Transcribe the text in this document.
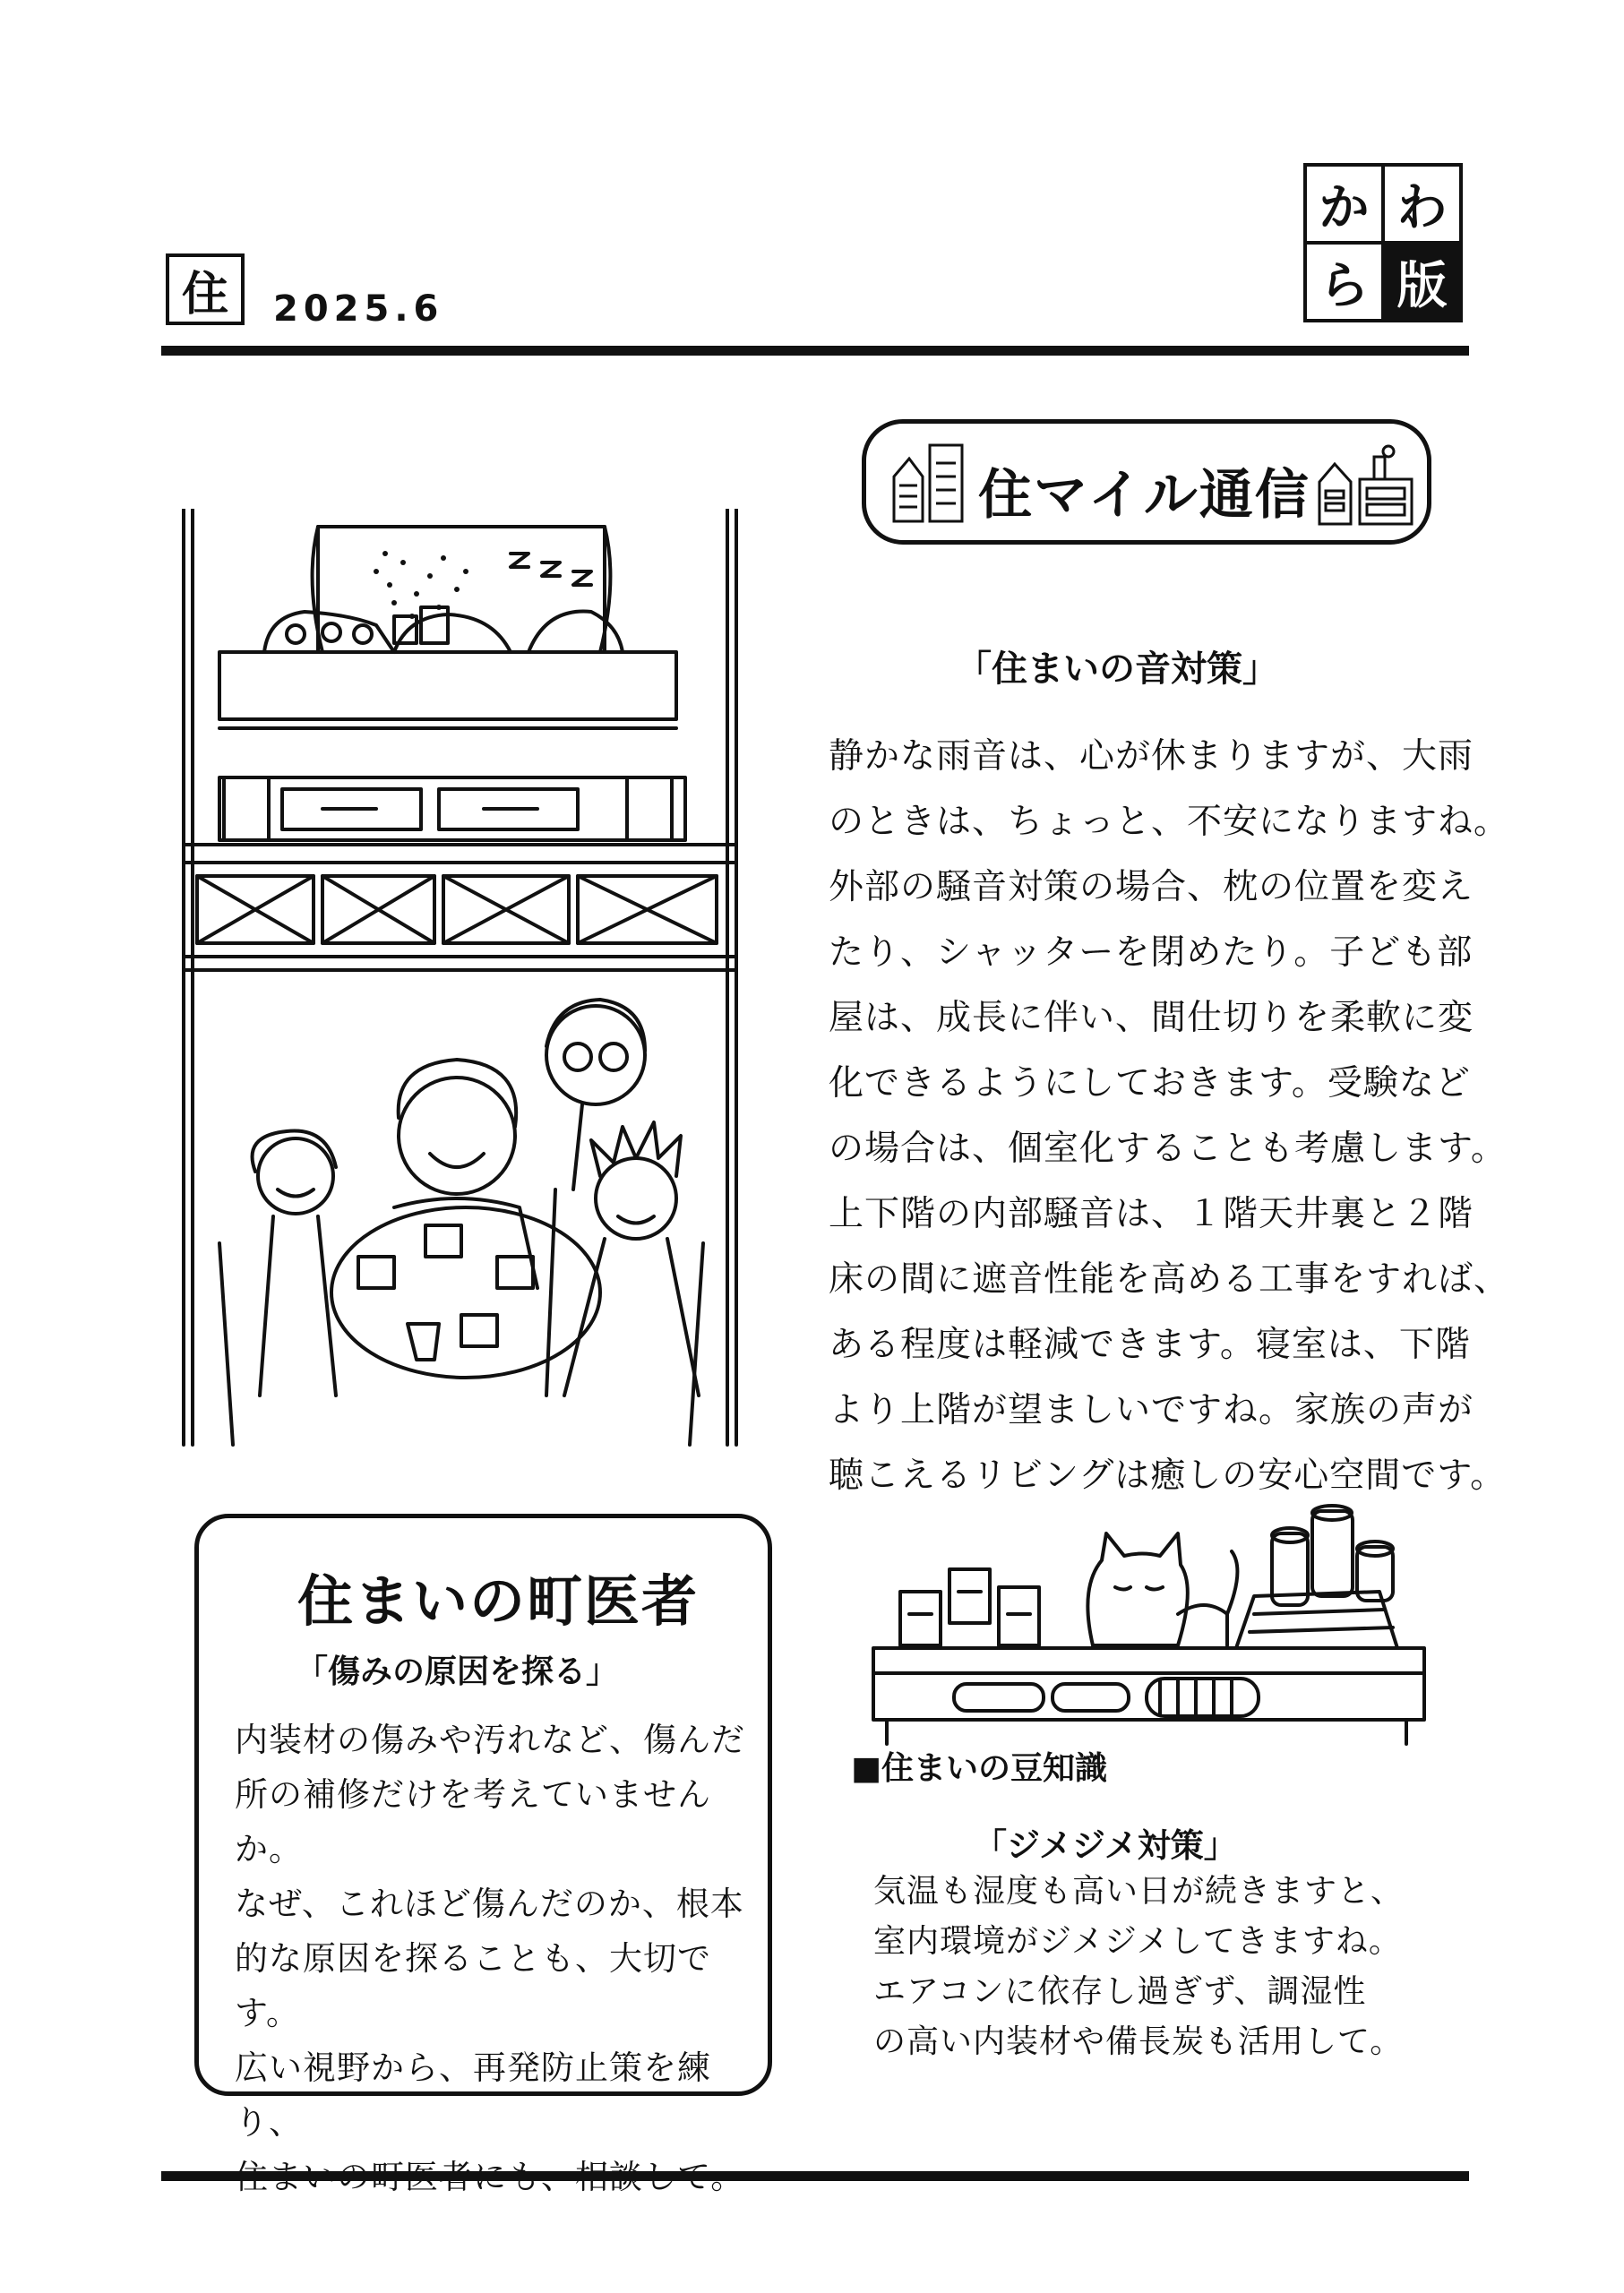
住 2025.6
か わ
ら 版
住マイル通信
「住まいの音対策」
静かな雨音は、心が休まりますが、大雨
のときは、ちょっと、不安になりますね。
外部の騒音対策の場合、枕の位置を変え
たり、シャッターを閉めたり。子ども部
屋は、成長に伴い、間仕切りを柔軟に変
化できるようにしておきます。受験など
の場合は、個室化することも考慮します。
上下階の内部騒音は、１階天井裏と２階
床の間に遮音性能を高める工事をすれば、
ある程度は軽減できます。寝室は、下階
より上階が望ましいですね。家族の声が
聴こえるリビングは癒しの安心空間です。
住まいの町医者
「傷みの原因を探る」
内装材の傷みや汚れなど、傷んだ
所の補修だけを考えていませんか。
なぜ、これほど傷んだのか、根本
的な原因を探ることも、大切です。
広い視野から、再発防止策を練り、
■住まいの豆知識
「ジメジメ対策」
気温も湿度も高い日が続きますと、
室内環境がジメジメしてきますね。
エアコンに依存し過ぎず、調湿性
の高い内装材や備長炭も活用して。
